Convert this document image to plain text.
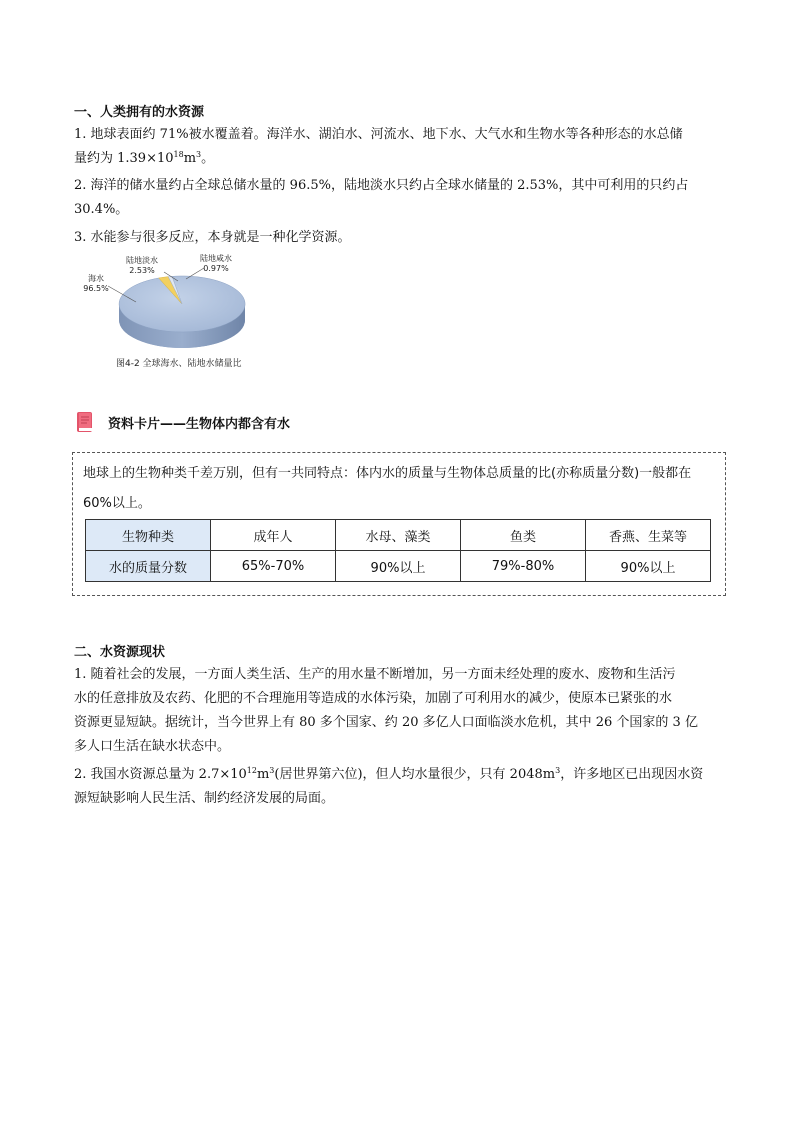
一、人类拥有的水资源
1. 地球表面约 71%被水覆盖着。海洋水、湖泊水、河流水、地下水、大气水和生物水等各种形态的水总储
量约为 $1.39\times 10^{18}m^3$。
2. 海洋的储水量约占全球总储水量的 96.5%，陆地淡水只约占全球水储量的 2.53%，其中可利用的只约占
30.4%。
3. 水能参与很多反应，本身就是一种化学资源。
海水
96.5%
陆地淡水
2.53%
陆地咸水
0.97%
图4-2 全球海水、陆地水储量比
资料卡片——生物体内都含有水
地球上的生物种类千差万别，但有一共同特点：体内水的质量与生物体总质量的比(亦称质量分数)一般都在60%以上。
生物种类	成年人	水母、藻类	鱼类	香燕、生菜等
水的质量分数	65%-70%	90%以上	79%-80%	90%以上
二、水资源现状
1. 随着社会的发展，一方面人类生活、生产的用水量不断增加，另一方面未经处理的废水、废物和生活污
水的任意排放及农药、化肥的不合理施用等造成的水体污染，加剧了可利用水的减少，使原本已紧张的水
资源更显短缺。据统计，当今世界上有 80 多个国家、约 20 多亿人口面临淡水危机，其中 26 个国家的 3 亿
多人口生活在缺水状态中。
2. 我国水资源总量为 $2.7\times 10^{12}m^3$(居世界第六位)，但人均水量很少，只有 $2048m^3$，许多地区已出现因水资
源短缺影响人民生活、制约经济发展的局面。
